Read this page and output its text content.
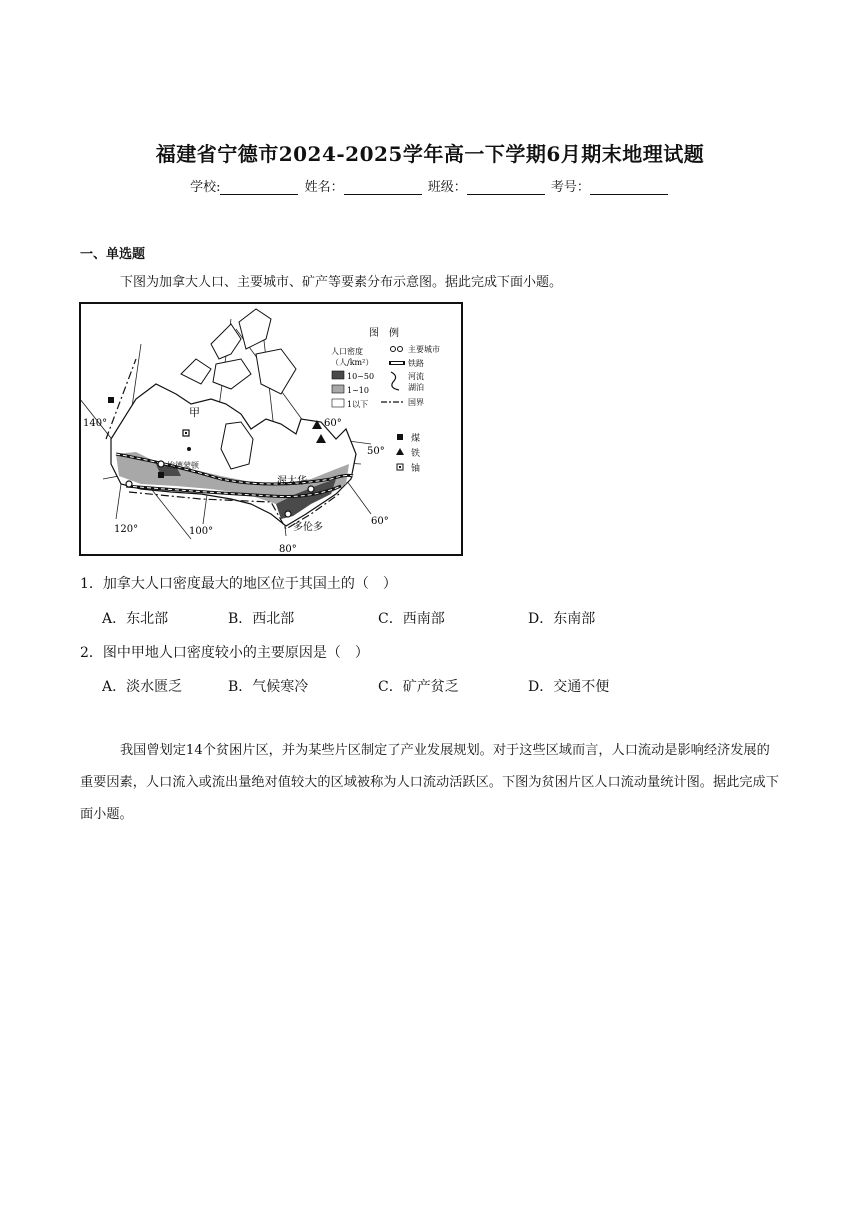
福建省宁德市2024-2025学年高一下学期6月期末地理试题
学校:	姓名：	班级：	考号：
一、单选题
下图为加拿大人口、主要城市、矿产等要素分布示意图。据此完成下面小题。
甲
埃德蒙顿
渥太华
多伦多
140°
120°	100°
80°
60°
60°
50°
图　例
人口密度
（人/km²）
10~50
1~10
1以下
主要城市
铁路
河流
湖泊
国界
煤
铁
铀
1．加拿大人口密度最大的地区位于其国土的（　）
A．东北部	B．西北部	C．西南部	D．东南部
2．图中甲地人口密度较小的主要原因是（　）
A．淡水匮乏	B．气候寒冷	C．矿产贫乏	D．交通不便
我国曾划定14个贫困片区，并为某些片区制定了产业发展规划。对于这些区域而言，人口流动是影响经济发展的重要因素，人口流入或流出量绝对值较大的区域被称为人口流动活跃区。下图为贫困片区人口流动量统计图。据此完成下面小题。
